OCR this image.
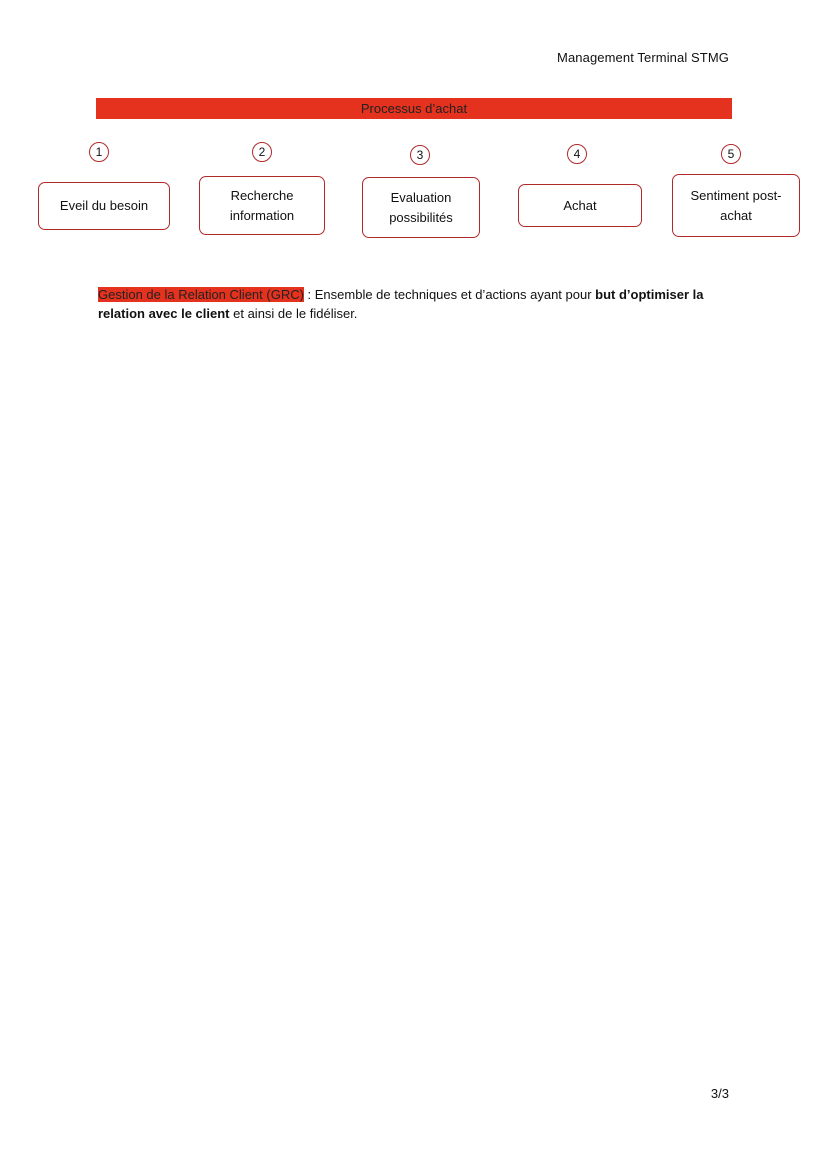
Management Terminal STMG
Processus d’achat
1
Eveil du besoin
2
Recherche information
3
Evaluation possibilités
4
Achat
5
Sentiment post-achat
Gestion de la Relation Client (GRC) : Ensemble de techniques et d’actions ayant pour but d’optimiser la relation avec le client et ainsi de le fidéliser.
3/3
